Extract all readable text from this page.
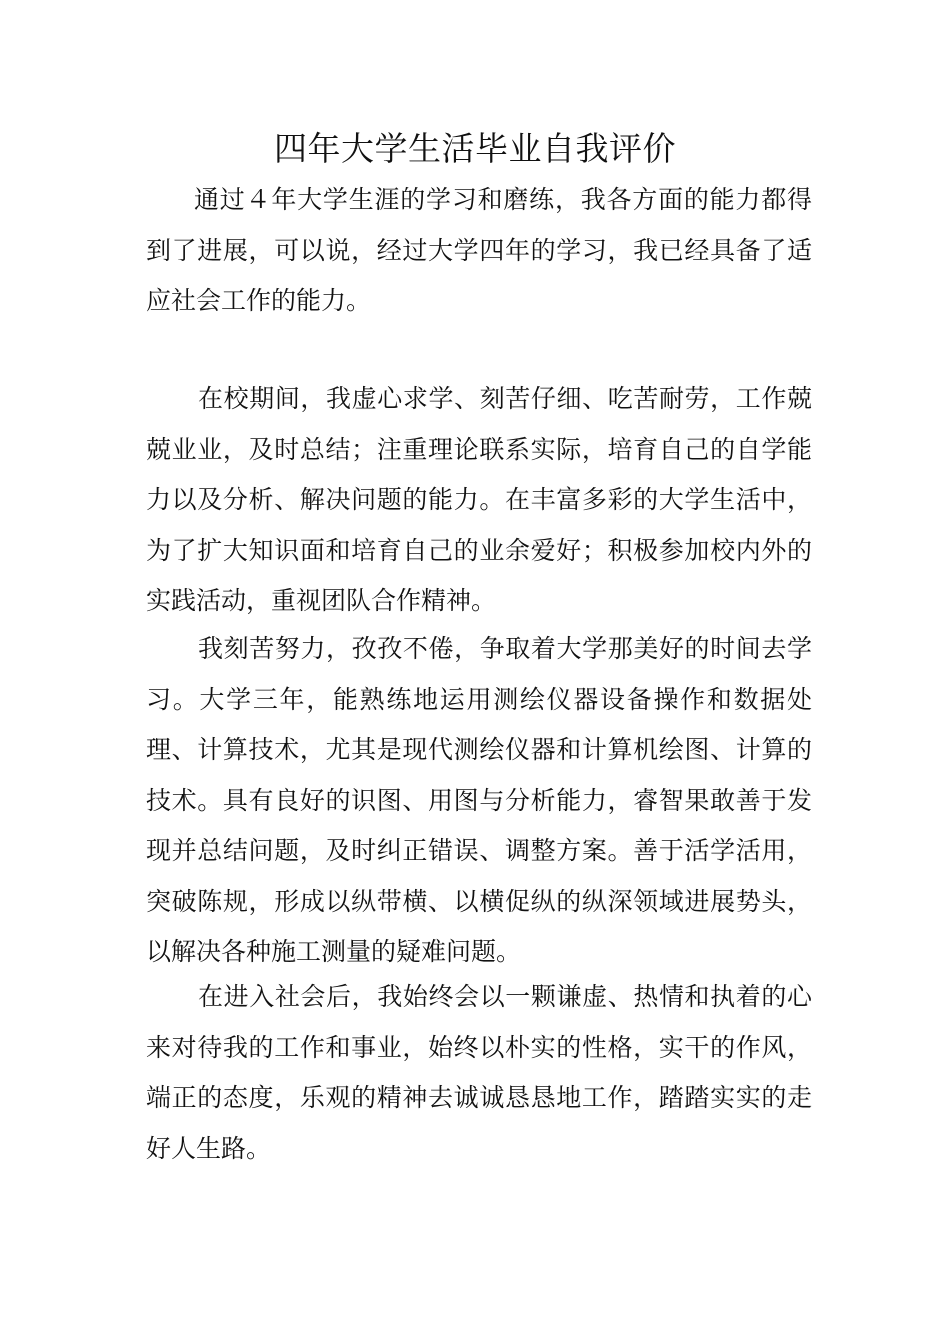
四年大学生活毕业自我评价

通过４年大学生涯的学习和磨练，我各方面的能力都得到了进展，可以说，经过大学四年的学习，我已经具备了适应社会工作的能力。

在校期间，我虚心求学、刻苦仔细、吃苦耐劳，工作兢兢业业，及时总结；注重理论联系实际，培育自己的自学能力以及分析、解决问题的能力。在丰富多彩的大学生活中，为了扩大知识面和培育自己的业余爱好；积极参加校内外的实践活动，重视团队合作精神。

我刻苦努力，孜孜不倦，争取着大学那美好的时间去学习。大学三年，能熟练地运用测绘仪器设备操作和数据处理、计算技术，尤其是现代测绘仪器和计算机绘图、计算的技术。具有良好的识图、用图与分析能力，睿智果敢善于发现并总结问题，及时纠正错误、调整方案。善于活学活用，突破陈规，形成以纵带横、以横促纵的纵深领域进展势头，以解决各种施工测量的疑难问题。

在进入社会后，我始终会以一颗谦虚、热情和执着的心来对待我的工作和事业，始终以朴实的性格，实干的作风，端正的态度，乐观的精神去诚诚恳恳地工作，踏踏实实的走好人生路。
